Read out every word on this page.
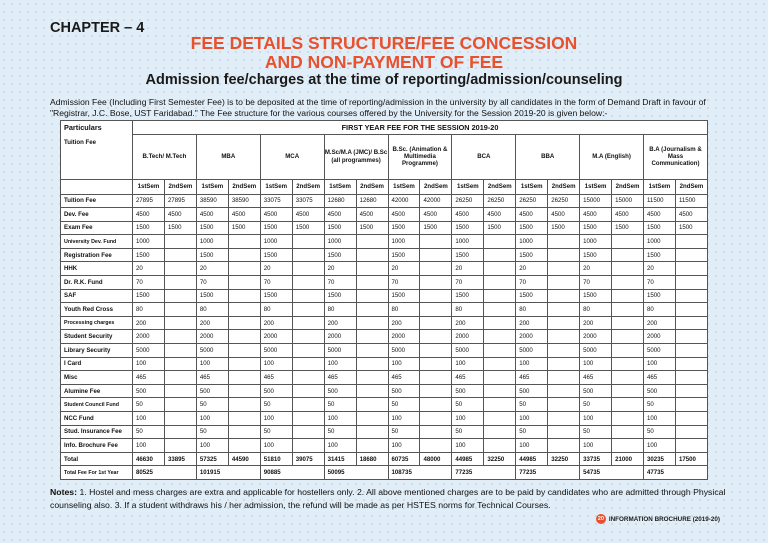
CHAPTER – 4
FEE DETAILS STRUCTURE/FEE CONCESSION
AND NON-PAYMENT OF FEE
Admission fee/charges at the time of reporting/admission/counseling
Admission Fee (Including First Semester Fee) is to be deposited at the time of reporting/admission in the university by all candidates in the form of Demand Draft in favour of "Registrar, J.C. Bose, UST Faridabad." The Fee structure for the various courses offered by the University for the Session 2019-20 is given below:-
Particulars	FIRST YEAR FEE FOR THE SESSION 2019-20																	
Tuition Fee	B.Tech/ M.Tech		MBA		MCA		M.Sc/M.A (JMC)/ B.Sc (all programmes)		B.Sc. (Animation & Multimedia Programme)		BCA		BBA		M.A (English)		B.A (Journalism & Mass Communication)	
	1stSem	2ndSem	1stSem	2ndSem	1stSem	2ndSem	1stSem	2ndSem	1stSem	2ndSem	1stSem	2ndSem	1stSem	2ndSem	1stSem	2ndSem	1stSem	2ndSem
Tuition Fee	27895	27895	38590	38590	33075	33075	12680	12680	42000	42000	26250	26250	26250	26250	15000	15000	11500	11500
Dev. Fee	4500	4500	4500	4500	4500	4500	4500	4500	4500	4500	4500	4500	4500	4500	4500	4500	4500	4500
Exam Fee	1500	1500	1500	1500	1500	1500	1500	1500	1500	1500	1500	1500	1500	1500	1500	1500	1500	1500
University Dev. Fund	1000		1000		1000		1000		1000		1000		1000		1000		1000	
Registration Fee	1500		1500		1500		1500		1500		1500		1500		1500		1500	
HHK	20		20		20		20		20		20		20		20		20	
Dr. R.K. Fund	70		70		70		70		70		70		70		70		70	
SAF	1500		1500		1500		1500		1500		1500		1500		1500		1500	
Youth Red Cross	80		80		80		80		80		80		80		80		80	
Processing charges	200		200		200		200		200		200		200		200		200	
Student Security	2000		2000		2000		2000		2000		2000		2000		2000		2000	
Library Security	5000		5000		5000		5000		5000		5000		5000		5000		5000	
I Card	100		100		100		100		100		100		100		100		100	
Misc	465		465		465		465		465		465		465		465		465	
Alumine Fee	500		500		500		500		500		500		500		500		500	
Student Council Fund	50		50		50		50		50		50		50		50		50	
NCC Fund	100		100		100		100		100		100		100		100		100	
Stud. Insurance Fee	50		50		50		50		50		50		50		50		50	
Info. Brochure Fee	100		100		100		100		100		100		100		100		100	
Total	46630	33895	57325	44590	51810	39075	31415	18680	60735	48000	44985	32250	44985	32250	33735	21000	30235	17500
Total Fee For 1st Year	80525		101915		90885		50095		108735		77235		77235		54735		47735	
Notes: 1. Hostel and mess charges are extra and applicable for hostellers only. 2. All above mentioned charges are to be paid by candidates who are admitted through Physical counseling also. 3. If a student withdraws his / her admission, the refund will be made as per HSTES norms for Technical Courses.
20 INFORMATION BROCHURE (2019-20)
